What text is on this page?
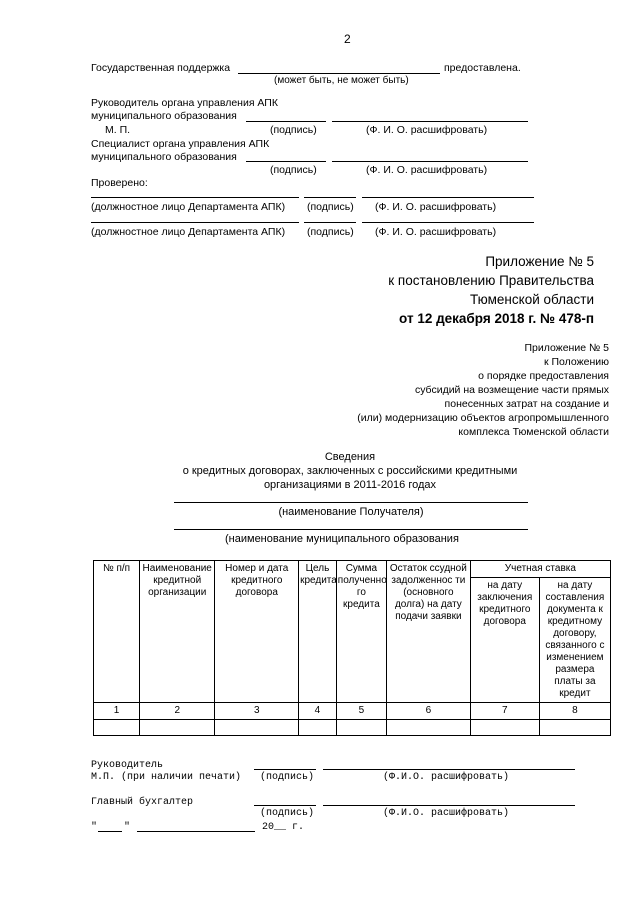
2
Государственная поддержка
(может быть, не может быть)
предоставлена.
Руководитель органа управления АПК
муниципального образования
М. П.	(подпись)	(Ф. И. О. расшифровать)
Специалист органа управления АПК
муниципального образования
(подпись)	(Ф. И. О. расшифровать)
Проверено:
(должностное лицо Департамента АПК) (подпись) (Ф. И. О. расшифровать)
(должностное лицо Департамента АПК) (подпись) (Ф. И. О. расшифровать)
Приложение № 5
к постановлению Правительства
Тюменской области
от 12 декабря 2018 г. № 478-п
Приложение № 5
к Положению
о порядке предоставления
субсидий на возмещение части прямых
понесенных затрат на создание и
(или) модернизацию объектов агропромышленного
комплекса Тюменской области
Сведения
о кредитных договорах, заключенных с российскими кредитными
организациями в 2011-2016 годах
(наименование Получателя)
(наименование муниципального образования
№ п/п	Наименование кредитной организации	Номер и дата кредитного договора	Цель кредита	Сумма полученно го кредита	Остаток ссудной задолженнос ти (основного долга) на дату подачи заявки	Учетная ставка	
						на дату заключения кредитного договора	на дату составления документа к кредитному договору, связанного с изменением размера платы за кредит
1	2	3	4	5	6	7	8

Руководитель
М.П. (при наличии печати) (подпись)	(Ф.И.О. расшифровать)
Главный бухгалтер
(подпись)	(Ф.И.О. расшифровать)
"	"	20__ г.
